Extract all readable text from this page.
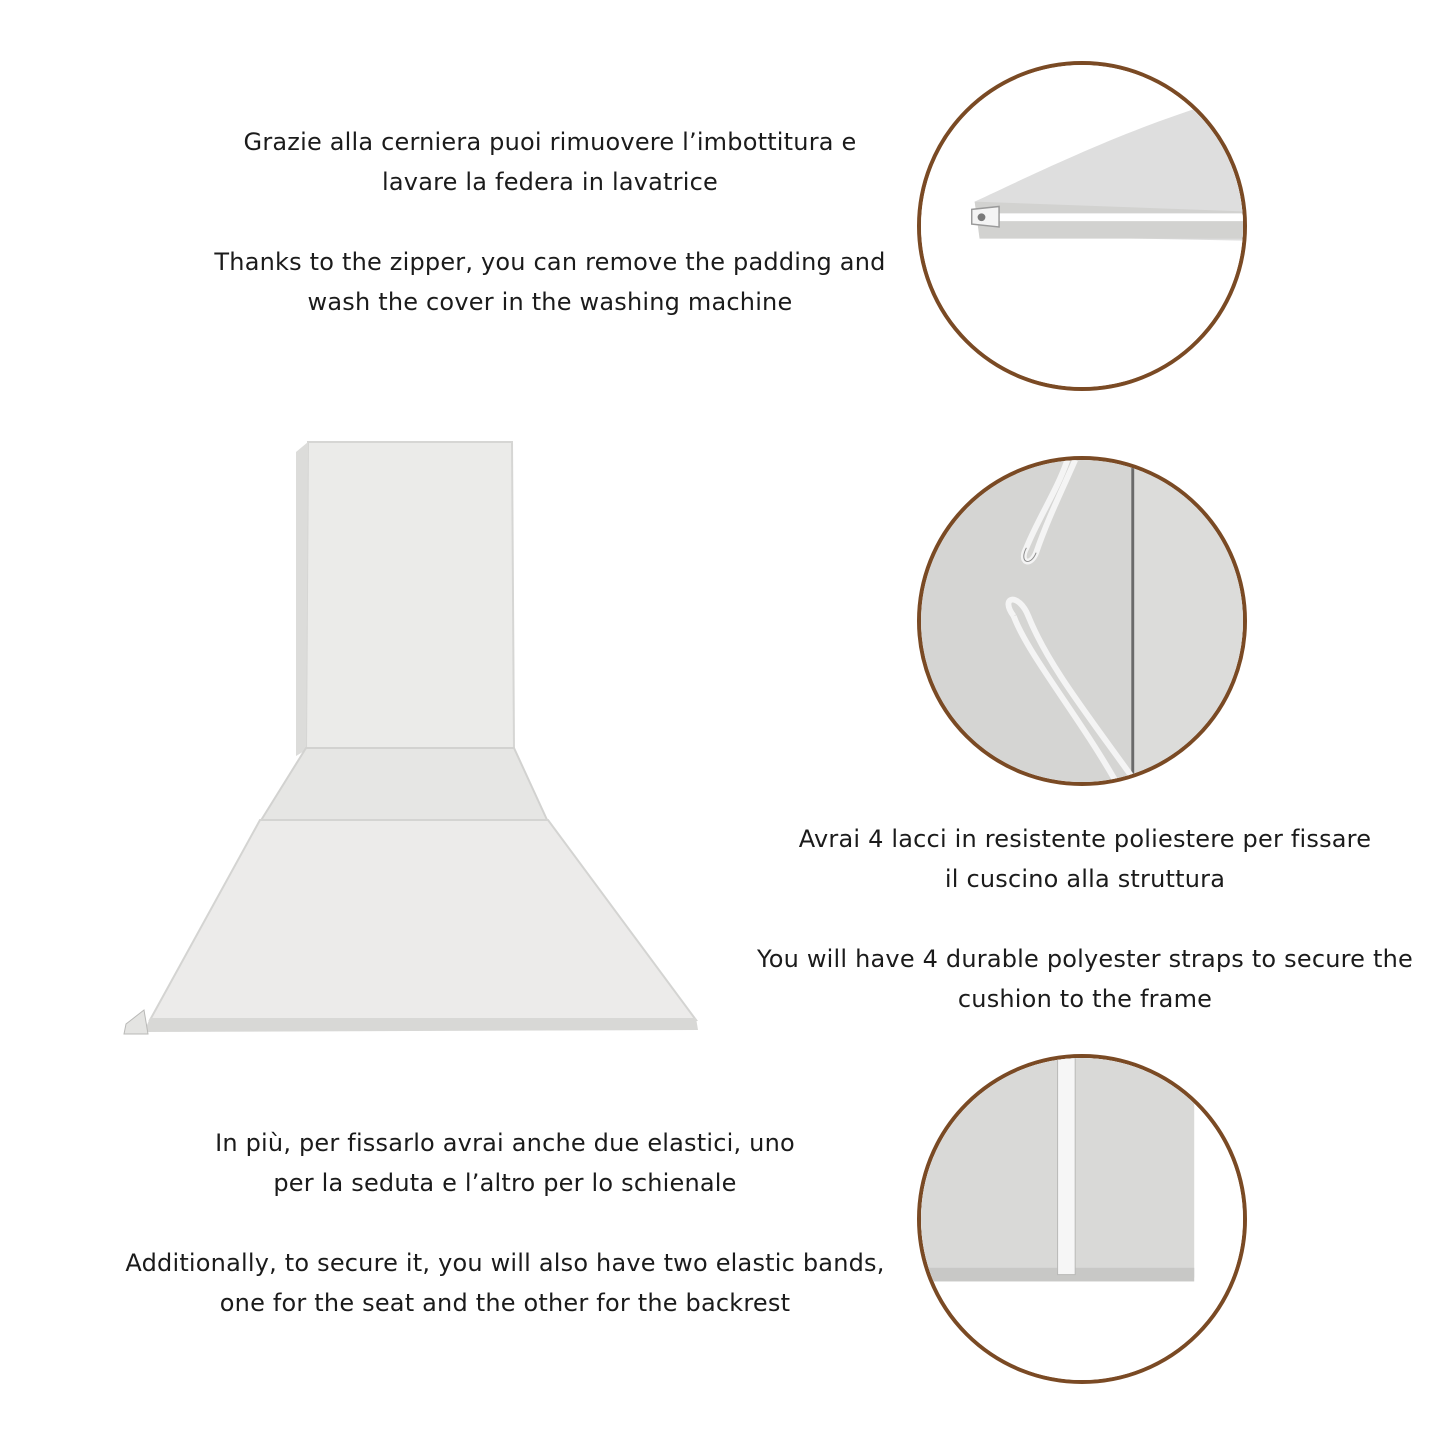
Grazie alla cerniera puoi rimuovere l’imbottitura e
lavare la federa in lavatrice

Thanks to the zipper, you can remove the padding and
wash the cover in the washing machine

Avrai 4 lacci in resistente poliestere per fissare
il cuscino alla struttura

You will have 4 durable polyester straps to secure the
cushion to the frame

In più, per fissarlo avrai anche due elastici, uno
per la seduta e l’altro per lo schienale

Additionally, to secure it, you will also have two elastic bands,
one for the seat and the other for the backrest
